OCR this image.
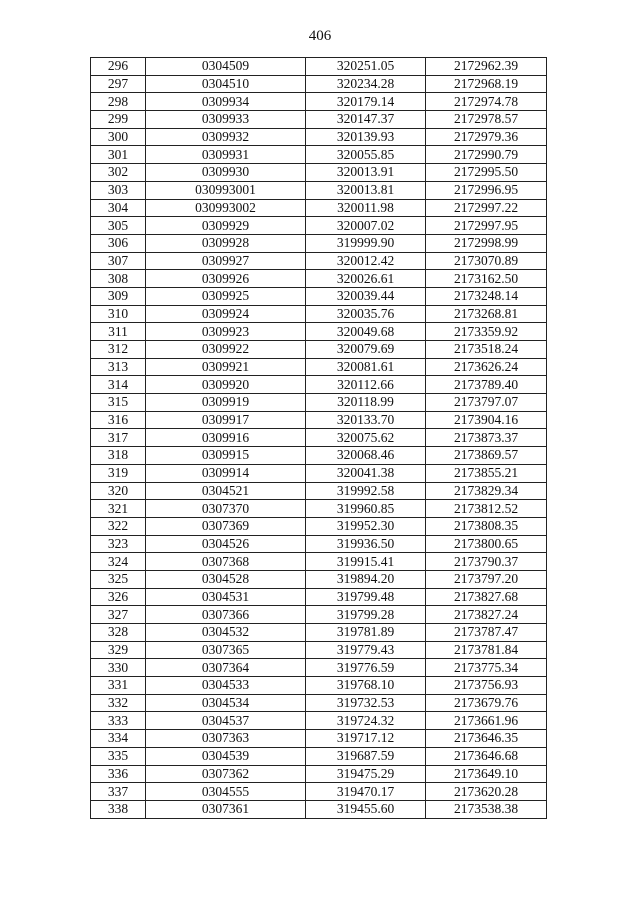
406
296	0304509	320251.05	2172962.39
297	0304510	320234.28	2172968.19
298	0309934	320179.14	2172974.78
299	0309933	320147.37	2172978.57
300	0309932	320139.93	2172979.36
301	0309931	320055.85	2172990.79
302	0309930	320013.91	2172995.50
303	030993001	320013.81	2172996.95
304	030993002	320011.98	2172997.22
305	0309929	320007.02	2172997.95
306	0309928	319999.90	2172998.99
307	0309927	320012.42	2173070.89
308	0309926	320026.61	2173162.50
309	0309925	320039.44	2173248.14
310	0309924	320035.76	2173268.81
311	0309923	320049.68	2173359.92
312	0309922	320079.69	2173518.24
313	0309921	320081.61	2173626.24
314	0309920	320112.66	2173789.40
315	0309919	320118.99	2173797.07
316	0309917	320133.70	2173904.16
317	0309916	320075.62	2173873.37
318	0309915	320068.46	2173869.57
319	0309914	320041.38	2173855.21
320	0304521	319992.58	2173829.34
321	0307370	319960.85	2173812.52
322	0307369	319952.30	2173808.35
323	0304526	319936.50	2173800.65
324	0307368	319915.41	2173790.37
325	0304528	319894.20	2173797.20
326	0304531	319799.48	2173827.68
327	0307366	319799.28	2173827.24
328	0304532	319781.89	2173787.47
329	0307365	319779.43	2173781.84
330	0307364	319776.59	2173775.34
331	0304533	319768.10	2173756.93
332	0304534	319732.53	2173679.76
333	0304537	319724.32	2173661.96
334	0307363	319717.12	2173646.35
335	0304539	319687.59	2173646.68
336	0307362	319475.29	2173649.10
337	0304555	319470.17	2173620.28
338	0307361	319455.60	2173538.38
